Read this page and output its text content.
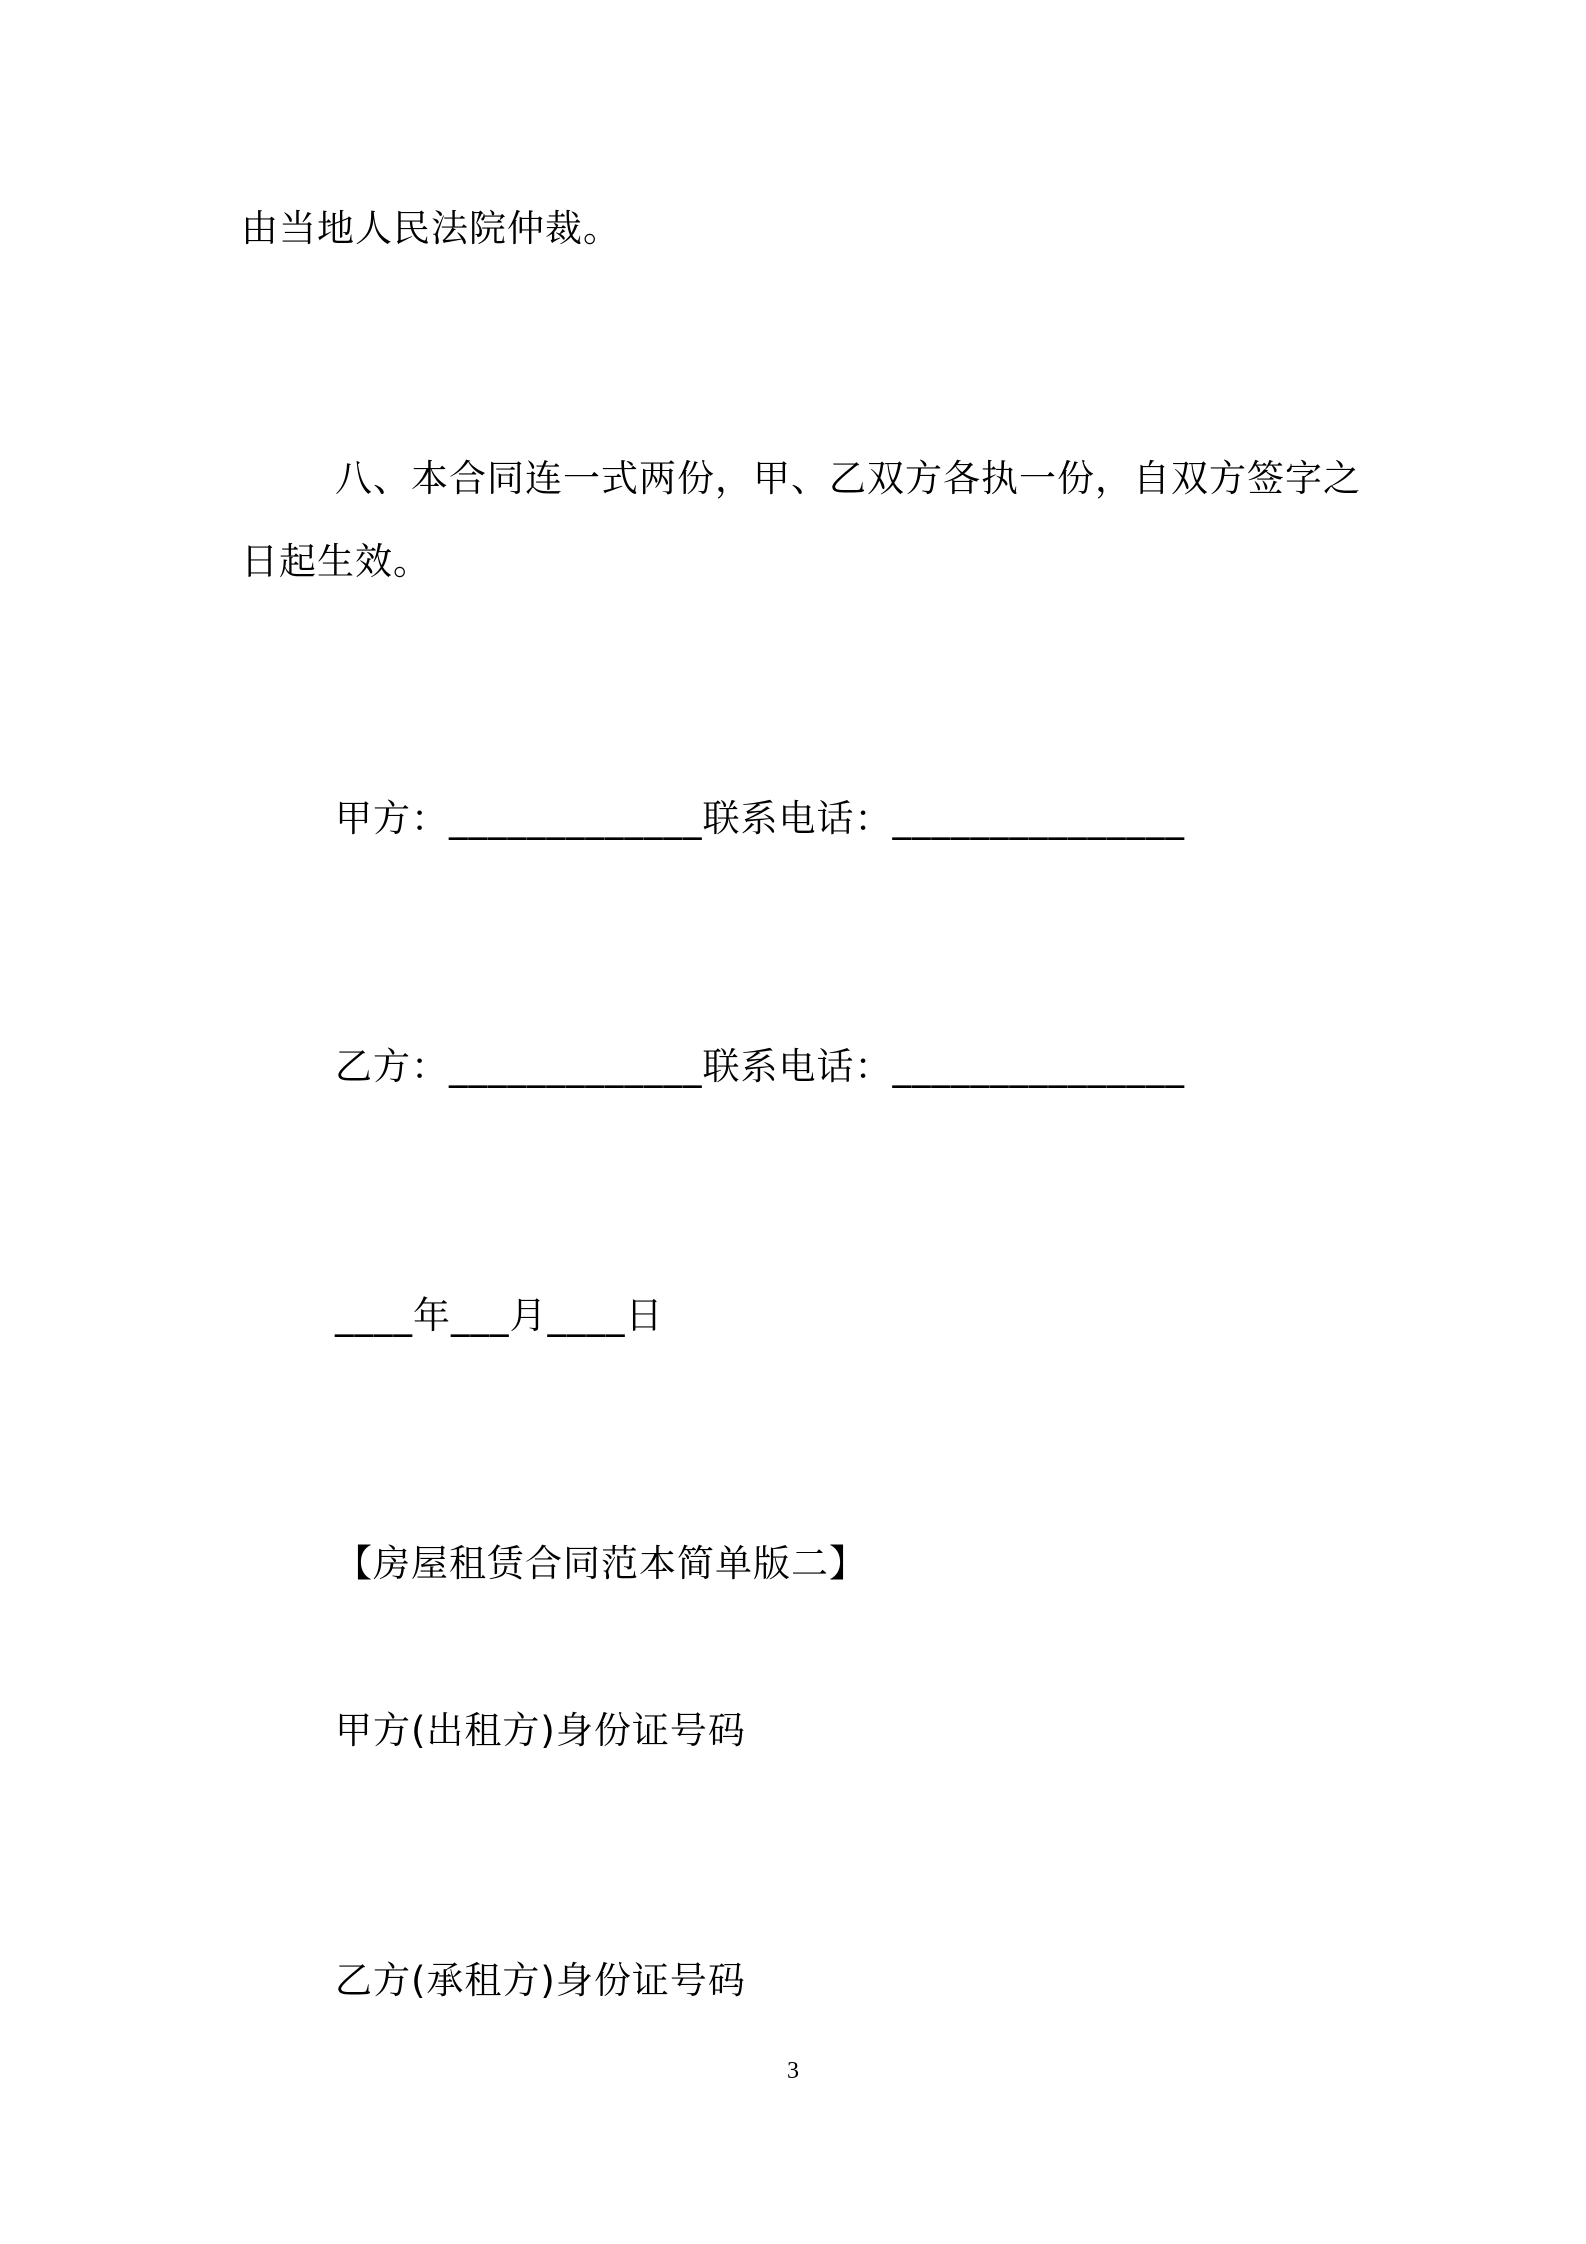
由当地人民法院仲裁。
八、本合同连一式两份，甲、乙双方各执一份，自双方签字之
日起生效。
甲方：_____________联系电话：_______________
乙方：_____________联系电话：_______________
____年___月____日
【房屋租赁合同范本简单版二】
甲方(出租方)身份证号码
乙方(承租方)身份证号码
3
